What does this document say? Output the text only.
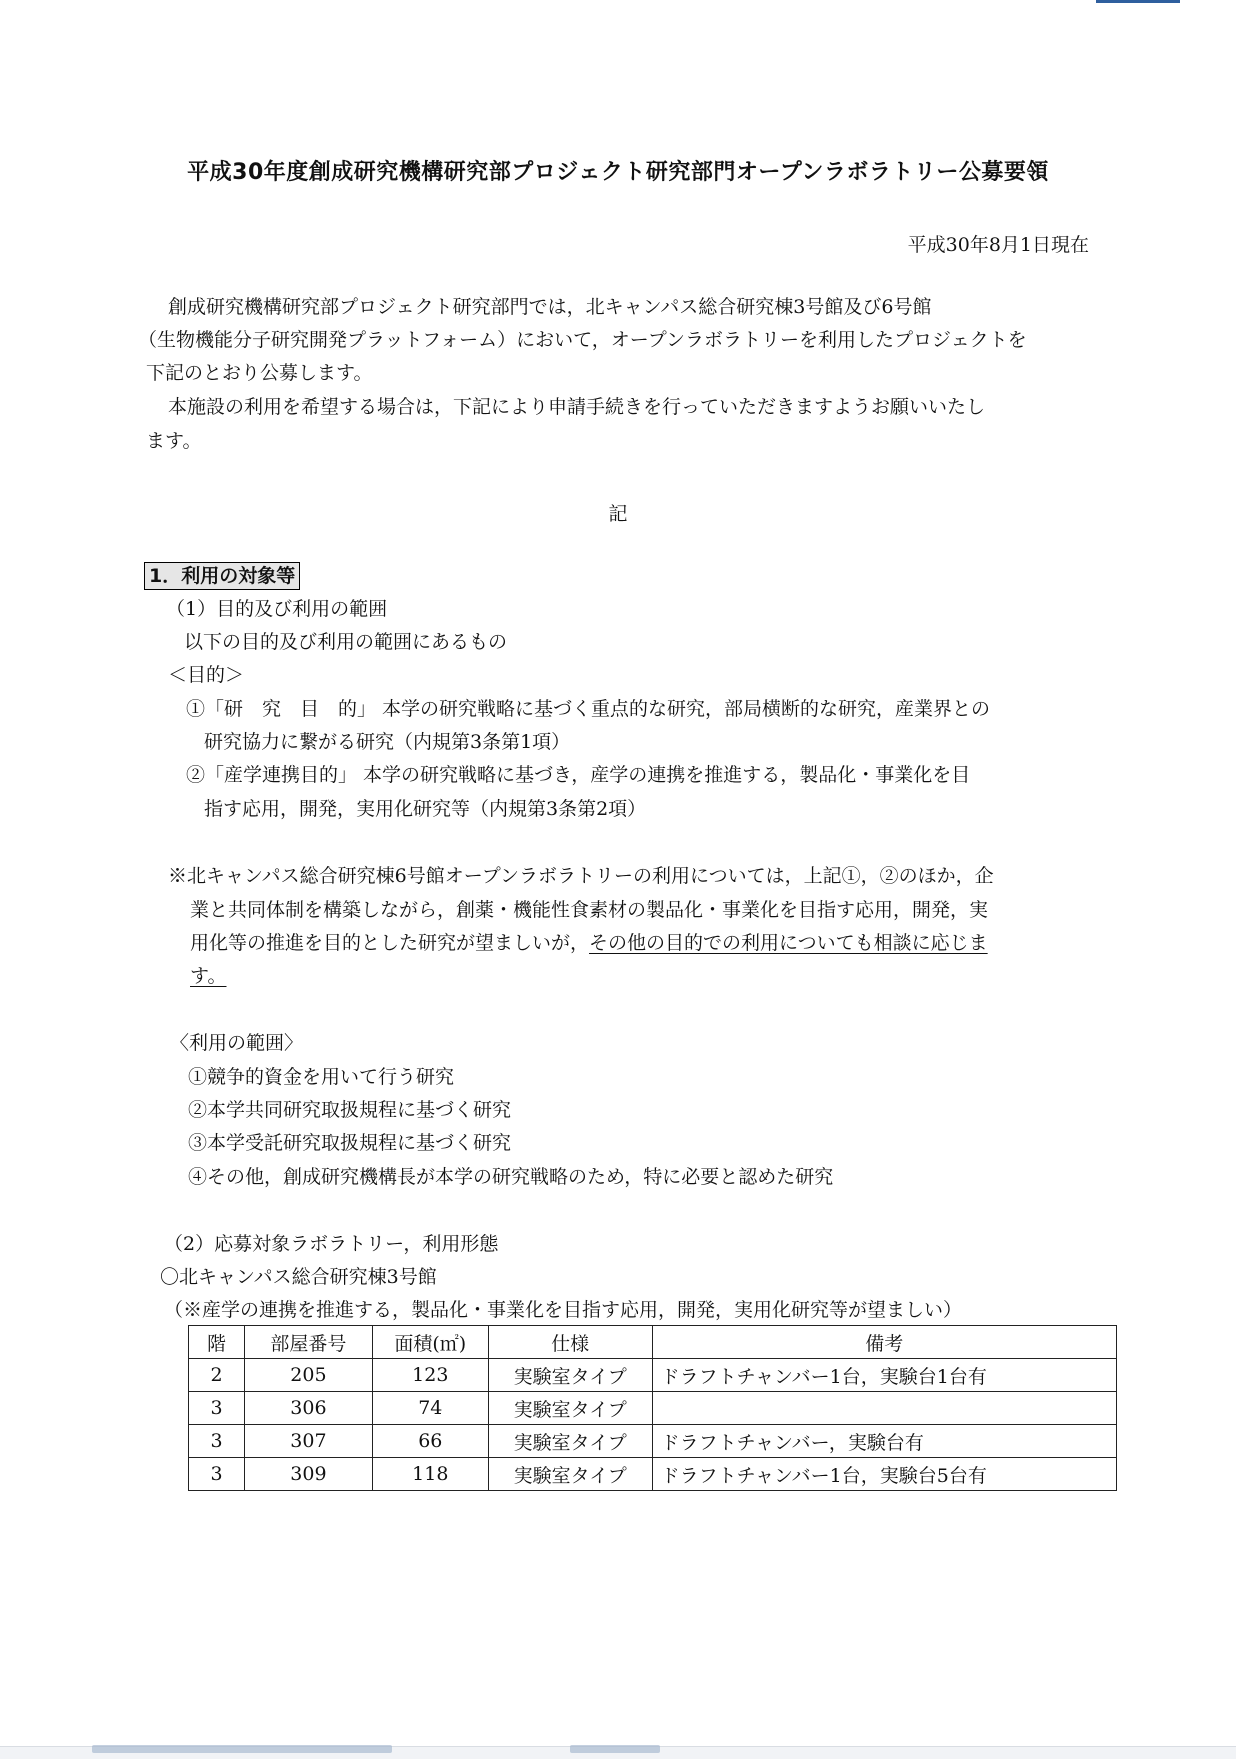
平成30年度創成研究機構研究部プロジェクト研究部門オープンラボラトリー公募要領
平成30年8月1日現在
創成研究機構研究部プロジェクト研究部門では，北キャンパス総合研究棟3号館及び6号館
（生物機能分子研究開発プラットフォーム）において，オープンラボラトリーを利用したプロジェクトを
下記のとおり公募します。
本施設の利用を希望する場合は，下記により申請手続きを行っていただきますようお願いいたし
ます。
記
1．利用の対象等
（1）目的及び利用の範囲
以下の目的及び利用の範囲にあるもの
＜目的＞
①「研　究　目　的」 本学の研究戦略に基づく重点的な研究，部局横断的な研究，産業界との
研究協力に繋がる研究（内規第3条第1項）
②「産学連携目的」 本学の研究戦略に基づき，産学の連携を推進する，製品化・事業化を目
指す応用，開発，実用化研究等（内規第3条第2項）
※北キャンパス総合研究棟6号館オープンラボラトリーの利用については，上記①，②のほか，企
業と共同体制を構築しながら，創薬・機能性食素材の製品化・事業化を目指す応用，開発，実
用化等の推進を目的とした研究が望ましいが，その他の目的での利用についても相談に応じま
す。
〈利用の範囲〉
①競争的資金を用いて行う研究
②本学共同研究取扱規程に基づく研究
③本学受託研究取扱規程に基づく研究
④その他，創成研究機構長が本学の研究戦略のため，特に必要と認めた研究
（2）応募対象ラボラトリー，利用形態
〇北キャンパス総合研究棟3号館
（※産学の連携を推進する，製品化・事業化を目指す応用，開発，実用化研究等が望ましい）
階	部屋番号	面積(㎡)	仕様	備考
2	205	123	実験室タイプ	ドラフトチャンバー1台，実験台1台有
3	306	74	実験室タイプ	
3	307	66	実験室タイプ	ドラフトチャンバー，実験台有
3	309	118	実験室タイプ	ドラフトチャンバー1台，実験台5台有
